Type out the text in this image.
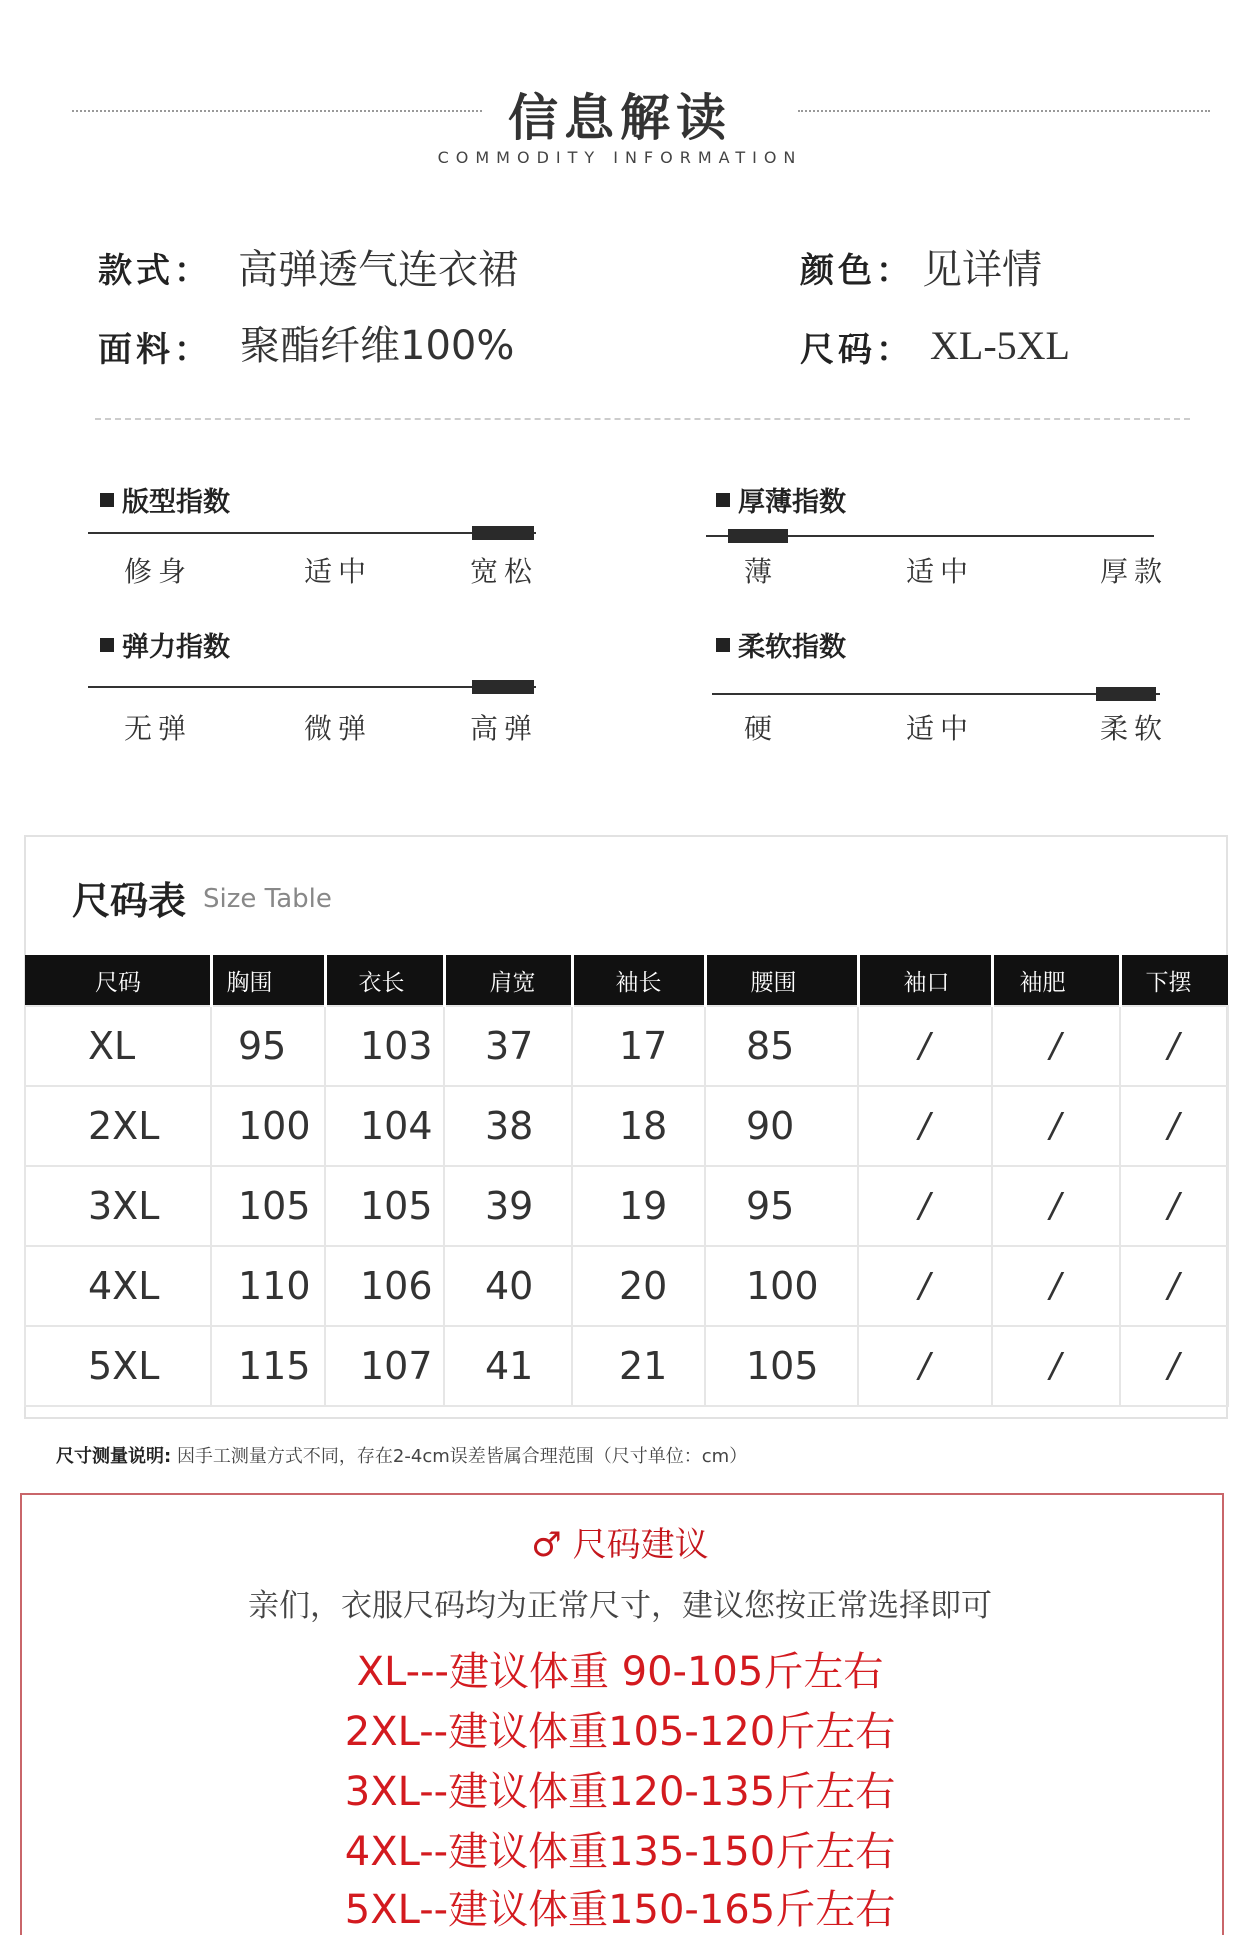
信息解读
COMMODITY INFORMATION
款式： 高弹透气连衣裙	颜色： 见详情
面料： 聚酯纤维100%	尺码： XL-5XL
版型指数
修身	适中	宽松
厚薄指数
薄	适中	厚款
弹力指数
无弹	微弹	高弹
柔软指数
硬	适中	柔软
尺码表 Size Table
尺码	胸围	衣长	肩宽	袖长	腰围	袖口	袖肥	下摆
XL	95	103	37	17	85	/	/	/
2XL	100	104	38	18	90	/	/	/
3XL	105	105	39	19	95	/	/	/
4XL	110	106	40	20	100	/	/	/
5XL	115	107	41	21	105	/	/	/
尺寸测量说明: 因手工测量方式不同，存在2-4cm误差皆属合理范围（尺寸单位：cm）
♂ 尺码建议
亲们，衣服尺码均为正常尺寸，建议您按正常选择即可
XL---建议体重 90-105斤左右
2XL--建议体重105-120斤左右
3XL--建议体重120-135斤左右
4XL--建议体重135-150斤左右
5XL--建议体重150-165斤左右
